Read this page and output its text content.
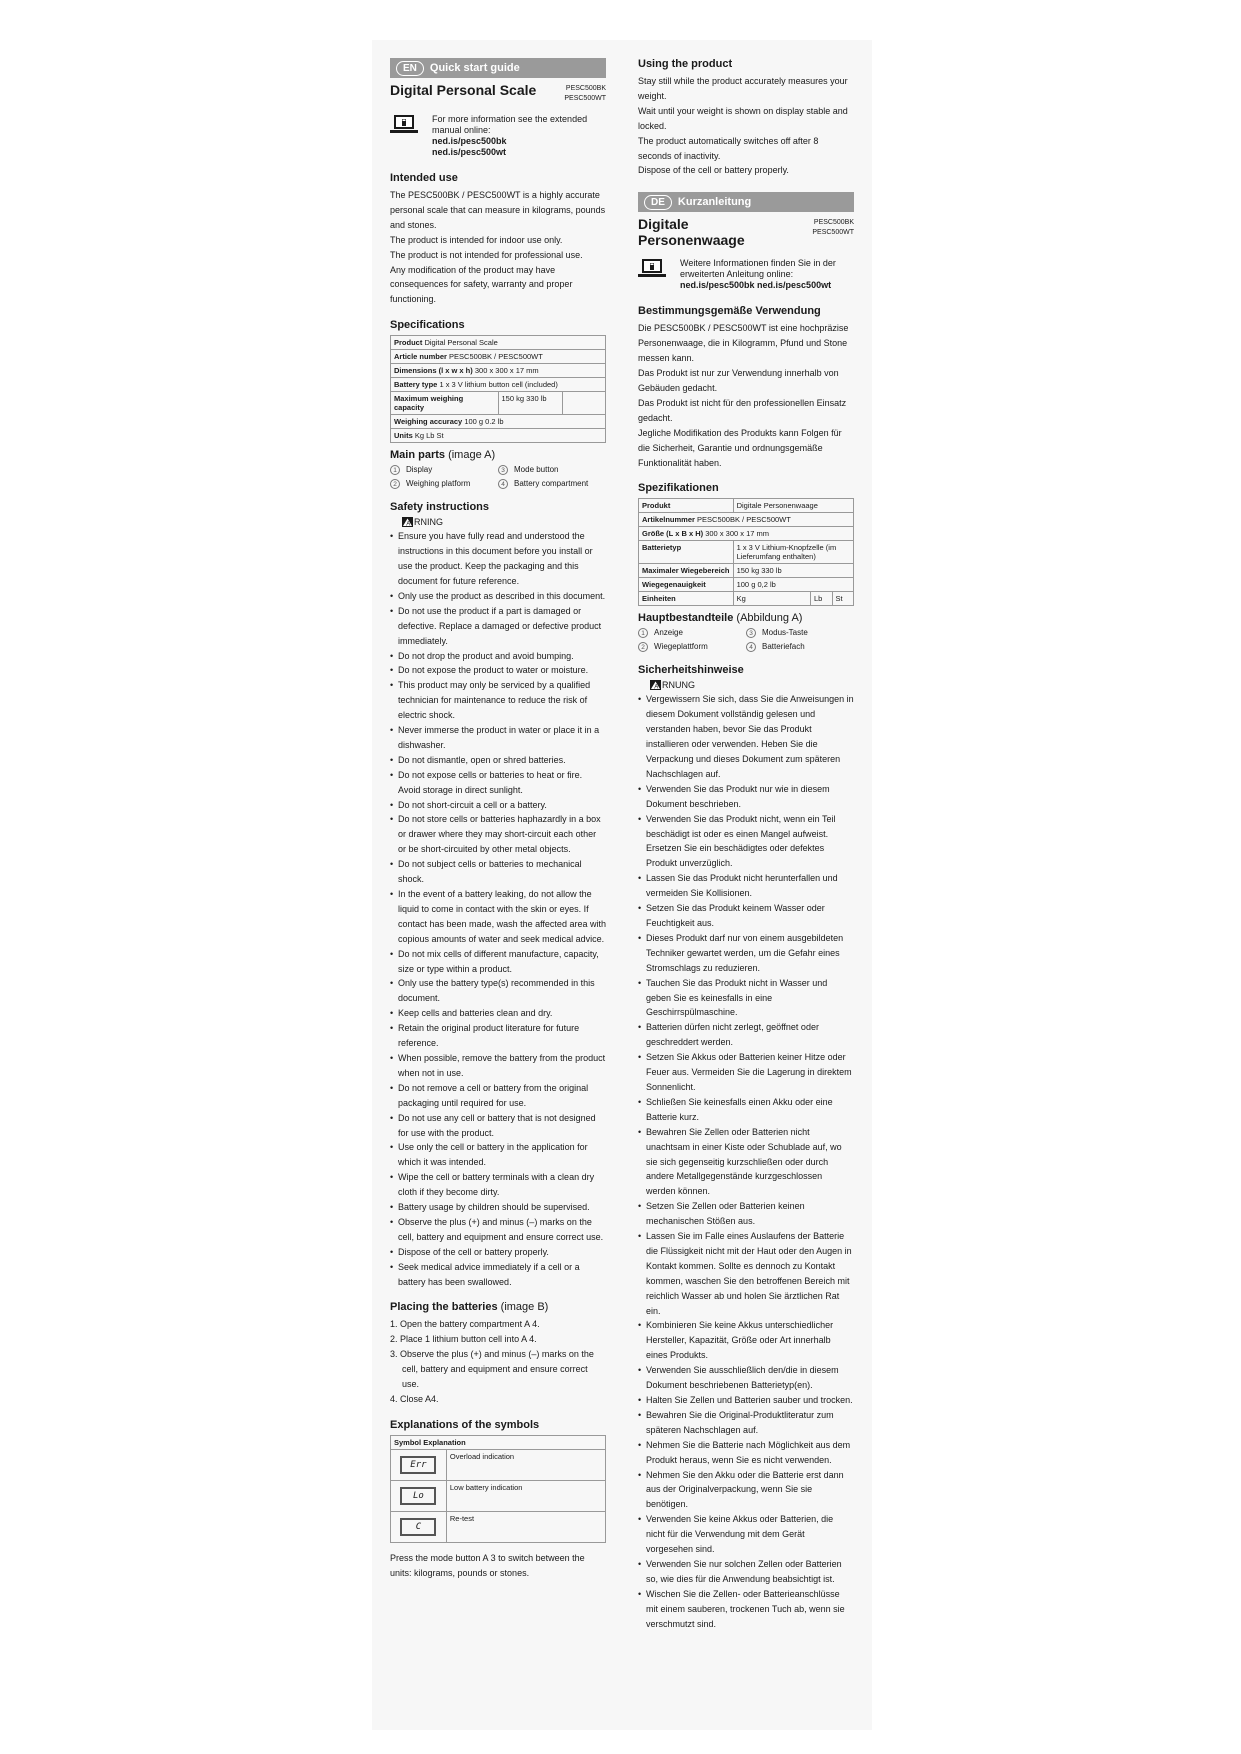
EN	Quick start guide
Digital Personal Scale	PESC500BK
PESC500WT
For more information see the extended manual online:
ned.is/pesc500bk
ned.is/pesc500wt
Intended use

The PESC500BK / PESC500WT is a highly accurate personal scale that can measure in kilograms, pounds and stones.
The product is intended for indoor use only.
The product is not intended for professional use.
Any modification of the product may have consequences for safety, warranty and proper functioning.

Specifications
Product Digital Personal Scale
Article number PESC500BK / PESC500WT
Dimensions (l x w x h) 300 x 300 x 17 mm
Battery type 1 x 3 V lithium button cell (included)
Maximum weighing capacity	150 kg 330 lb	
Weighing accuracy 100 g 0.2 lb
Units Kg Lb St
Main parts (image A)
1 Display	3 Mode button
2 Weighing platform	4 Battery compartment
Safety instructions
A RNING
• Ensure you have fully read and understood the instructions in this document before you install or use the product. Keep the packaging and this document for future reference.
• Only use the product as described in this document.
• Do not use the product if a part is damaged or defective. Replace a damaged or defective product immediately.
• Do not drop the product and avoid bumping.
• Do not expose the product to water or moisture.
• This product may only be serviced by a qualified technician for maintenance to reduce the risk of electric shock.
• Never immerse the product in water or place it in a dishwasher.
• Do not dismantle, open or shred batteries.
• Do not expose cells or batteries to heat or fire. Avoid storage in direct sunlight.
• Do not short-circuit a cell or a battery.
• Do not store cells or batteries haphazardly in a box or drawer where they may short-circuit each other or be short-circuited by other metal objects.
• Do not subject cells or batteries to mechanical shock.
• In the event of a battery leaking, do not allow the liquid to come in contact with the skin or eyes. If contact has been made, wash the affected area with copious amounts of water and seek medical advice.
• Do not mix cells of different manufacture, capacity, size or type within a product.
• Only use the battery type(s) recommended in this document.
• Keep cells and batteries clean and dry.
• Retain the original product literature for future reference.
• When possible, remove the battery from the product when not in use.
• Do not remove a cell or battery from the original packaging until required for use.
• Do not use any cell or battery that is not designed for use with the product.
• Use only the cell or battery in the application for which it was intended.
• Wipe the cell or battery terminals with a clean dry cloth if they become dirty.
• Battery usage by children should be supervised.
• Observe the plus (+) and minus (–) marks on the cell, battery and equipment and ensure correct use.
• Dispose of the cell or battery properly.
• Seek medical advice immediately if a cell or a battery has been swallowed.
Placing the batteries (image B)
1. Open the battery compartment A 4.
2. Place 1 lithium button cell into A 4.
3. Observe the plus (+) and minus (–) marks on the cell, battery and equipment and ensure correct use.
4. Close A4.
Explanations of the symbols
Symbol Explanation	

Err	Overload indication

Lo	Low battery indication

C	Re-test

Press the mode button A 3 to switch between the units: kilograms, pounds or stones.

Using the product

Stay still while the product accurately measures your weight.
Wait until your weight is shown on display stable and locked.
The product automatically switches off after 8 seconds of inactivity.
Dispose of the cell or battery properly.

DE	Kurzanleitung
Digitale
Personenwaage
PESC500BK
PESC500WT
Weitere Informationen finden Sie in der erweiterten Anleitung online:
ned.is/pesc500bk ned.is/pesc500wt
Bestimmungsgemäße Verwendung

Die PESC500BK / PESC500WT ist eine hochpräzise Personenwaage, die in Kilogramm, Pfund und Stone messen kann.
Das Produkt ist nur zur Verwendung innerhalb von Gebäuden gedacht.
Das Produkt ist nicht für den professionellen Einsatz gedacht.
Jegliche Modifikation des Produkts kann Folgen für die Sicherheit, Garantie und ordnungsgemäße Funktionalität haben.

Spezifikationen
Produkt	Digitale Personenwaage		
Artikelnummer PESC500BK / PESC500WT			
Größe (L x B x H) 300 x 300 x 17 mm			
Batterietyp	1 x 3 V Lithium-Knopfzelle (im Lieferumfang enthalten)		
Maximaler Wiegebereich	150 kg 330 lb		
Wiegegenauigkeit	100 g 0,2 lb		
Einheiten	Kg	Lb	St
Hauptbestandteile (Abbildung A)
1 Anzeige	3 Modus-Taste
2 Wiegeplattform	4 Batteriefach
Sicherheitshinweise
A RNUNG
• Vergewissern Sie sich, dass Sie die Anweisungen in diesem Dokument vollständig gelesen und verstanden haben, bevor Sie das Produkt installieren oder verwenden. Heben Sie die Verpackung und dieses Dokument zum späteren Nachschlagen auf.
• Verwenden Sie das Produkt nur wie in diesem Dokument beschrieben.
• Verwenden Sie das Produkt nicht, wenn ein Teil beschädigt ist oder es einen Mangel aufweist. Ersetzen Sie ein beschädigtes oder defektes Produkt unverzüglich.
• Lassen Sie das Produkt nicht herunterfallen und vermeiden Sie Kollisionen.
• Setzen Sie das Produkt keinem Wasser oder Feuchtigkeit aus.
• Dieses Produkt darf nur von einem ausgebildeten Techniker gewartet werden, um die Gefahr eines Stromschlags zu reduzieren.
• Tauchen Sie das Produkt nicht in Wasser und geben Sie es keinesfalls in eine Geschirrspülmaschine.
• Batterien dürfen nicht zerlegt, geöffnet oder geschreddert werden.
• Setzen Sie Akkus oder Batterien keiner Hitze oder Feuer aus. Vermeiden Sie die Lagerung in direktem Sonnenlicht.
• Schließen Sie keinesfalls einen Akku oder eine Batterie kurz.
• Bewahren Sie Zellen oder Batterien nicht unachtsam in einer Kiste oder Schublade auf, wo sie sich gegenseitig kurzschließen oder durch andere Metallgegenstände kurzgeschlossen werden können.
• Setzen Sie Zellen oder Batterien keinen mechanischen Stößen aus.
• Lassen Sie im Falle eines Auslaufens der Batterie die Flüssigkeit nicht mit der Haut oder den Augen in Kontakt kommen. Sollte es dennoch zu Kontakt kommen, waschen Sie den betroffenen Bereich mit reichlich Wasser ab und holen Sie ärztlichen Rat ein.
• Kombinieren Sie keine Akkus unterschiedlicher Hersteller, Kapazität, Größe oder Art innerhalb eines Produkts.
• Verwenden Sie ausschließlich den/die in diesem Dokument beschriebenen Batterietyp(en).
• Halten Sie Zellen und Batterien sauber und trocken.
• Bewahren Sie die Original-Produktliteratur zum späteren Nachschlagen auf.
• Nehmen Sie die Batterie nach Möglichkeit aus dem Produkt heraus, wenn Sie es nicht verwenden.
• Nehmen Sie den Akku oder die Batterie erst dann aus der Originalverpackung, wenn Sie sie benötigen.
• Verwenden Sie keine Akkus oder Batterien, die nicht für die Verwendung mit dem Gerät vorgesehen sind.
• Verwenden Sie nur solchen Zellen oder Batterien so, wie dies für die Anwendung beabsichtigt ist.
• Wischen Sie die Zellen- oder Batterieanschlüsse mit einem sauberen, trockenen Tuch ab, wenn sie verschmutzt sind.
